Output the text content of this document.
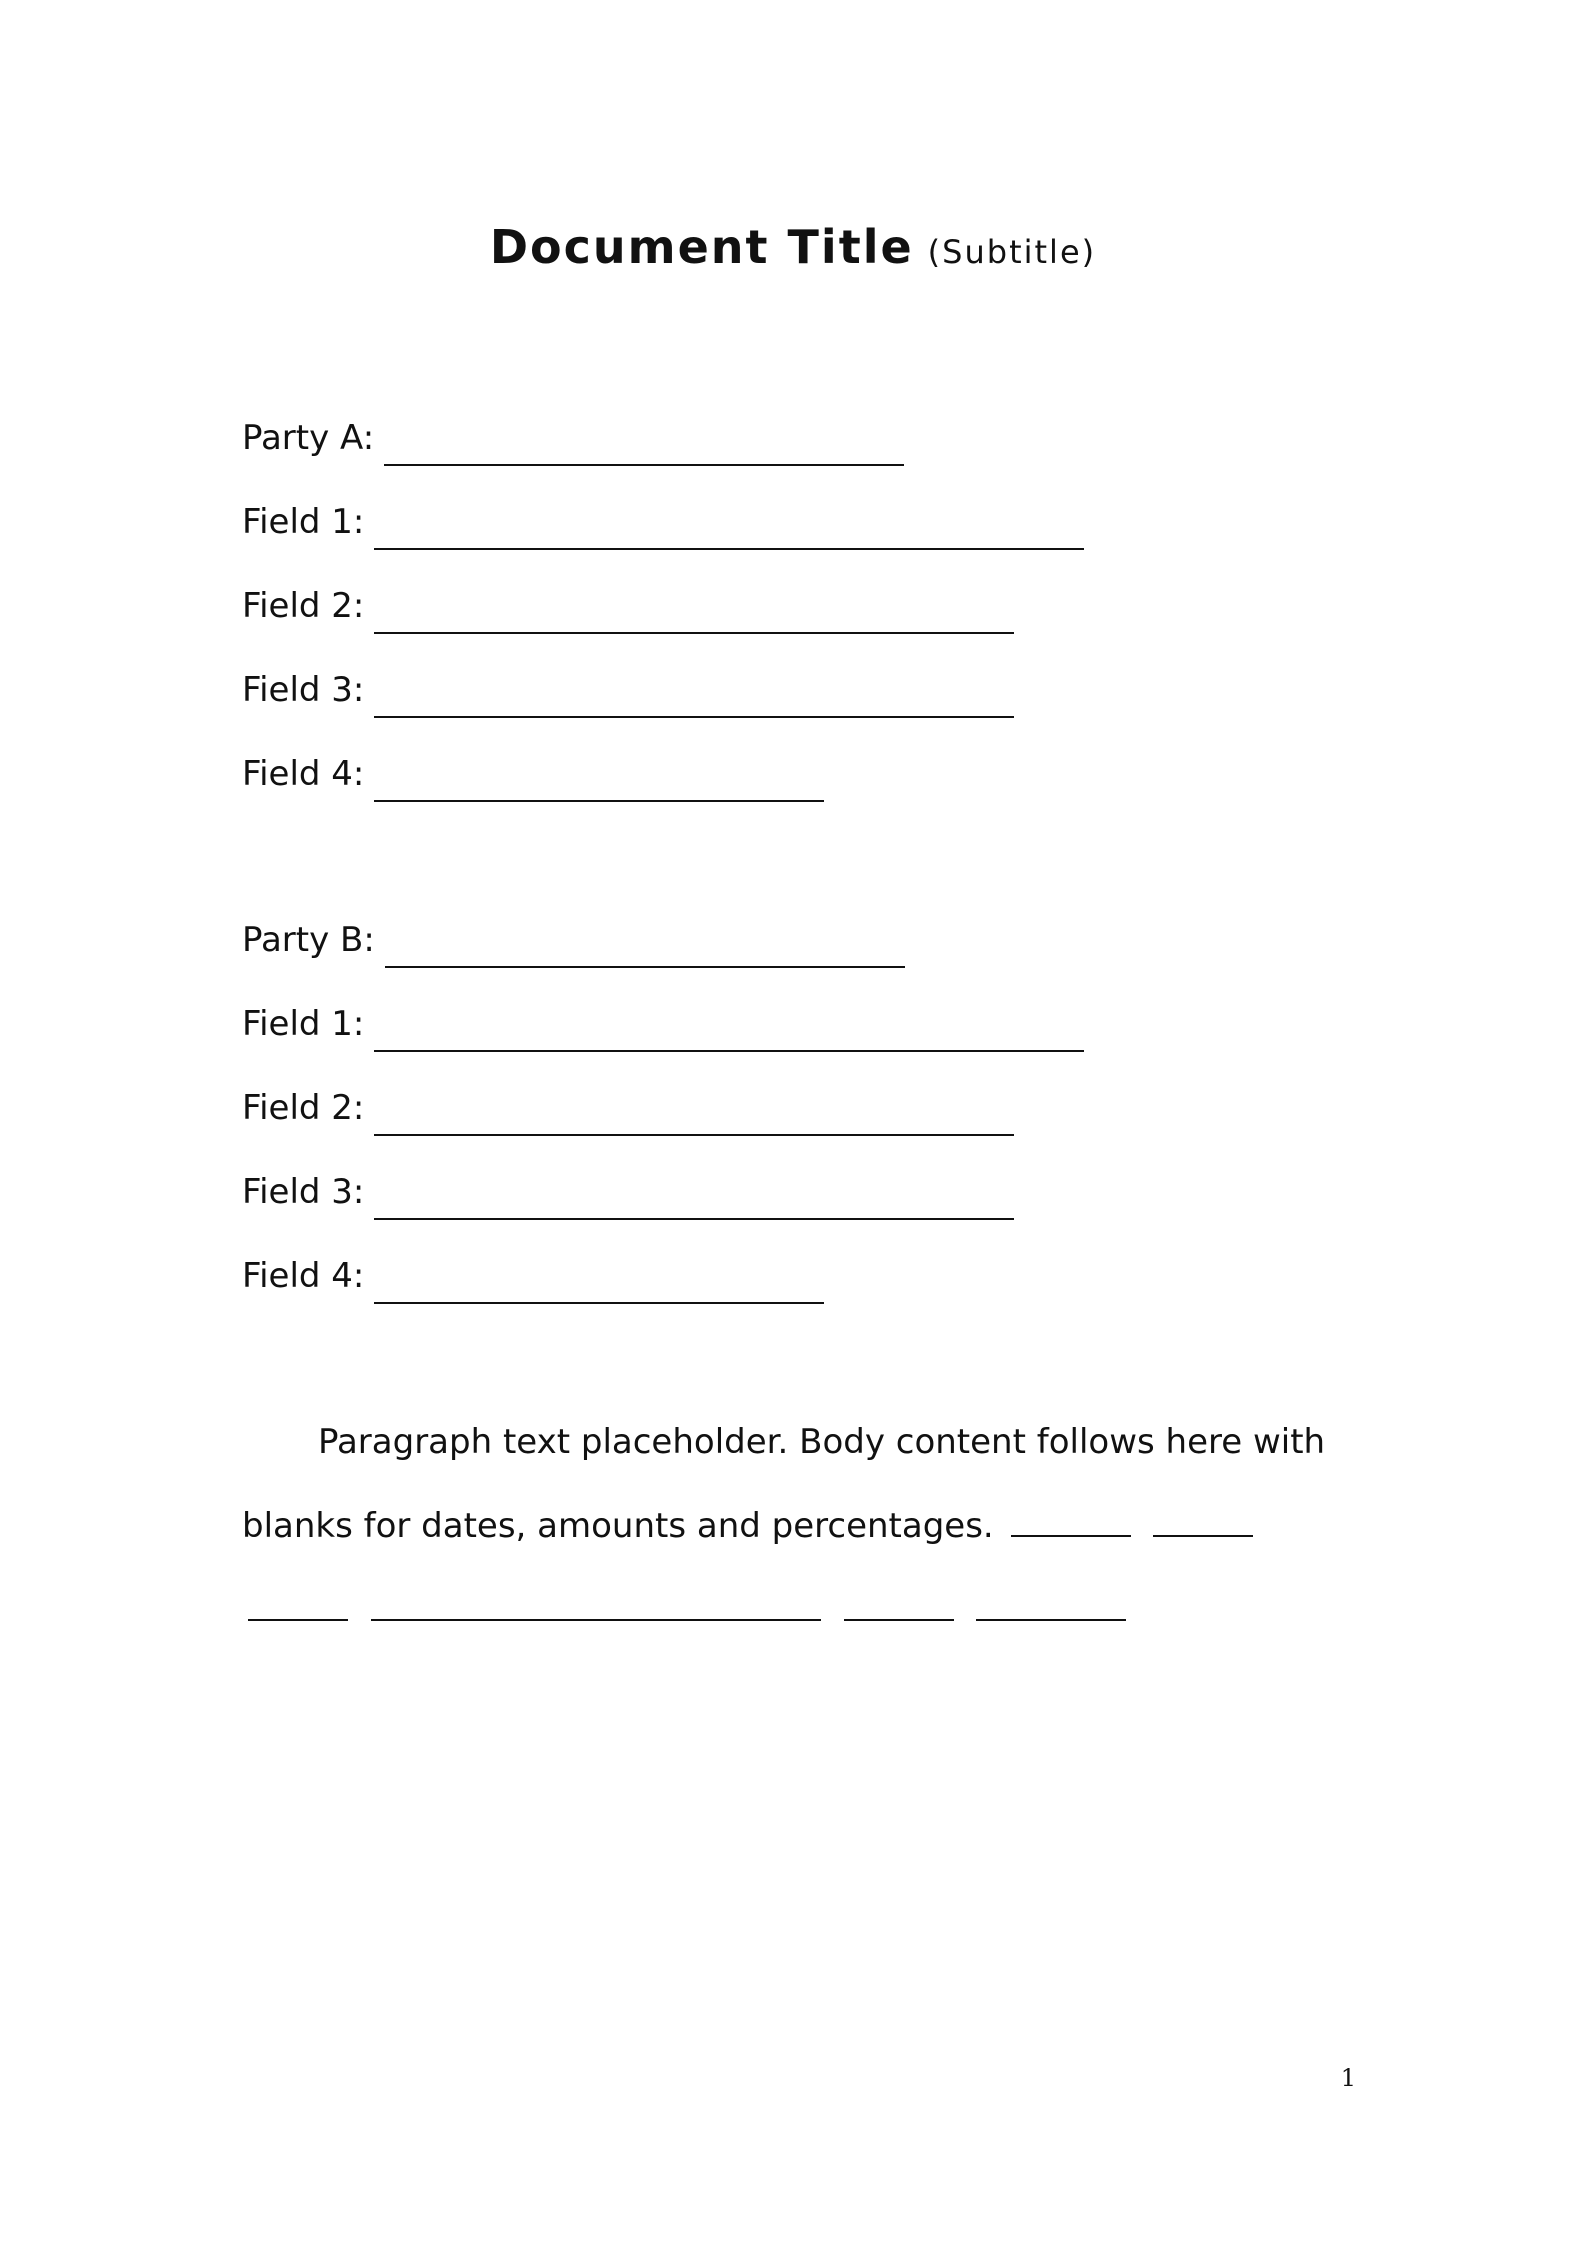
Document Title (Subtitle)
Party A:
Field 1:
Field 2:
Field 3:
Field 4:
Party B:
Field 1:
Field 2:
Field 3:
Field 4:
Paragraph text placeholder. Body content follows here with blanks for dates, amounts and percentages.
1
